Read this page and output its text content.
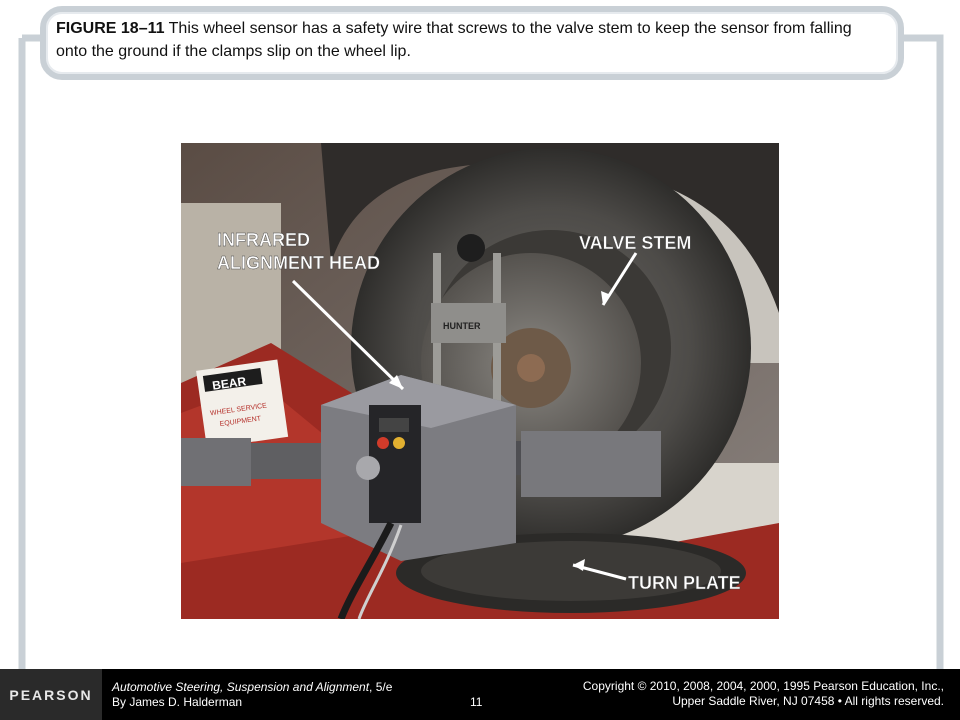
FIGURE 18–11 This wheel sensor has a safety wire that screws to the valve stem to keep the sensor from falling onto the ground if the clamps slip on the wheel lip.
BEAR
WHEEL SERVICE
EQUIPMENT
HUNTER
INFRARED
ALIGNMENT HEAD
VALVE STEM
TURN PLATE
PEARSON	Automotive Steering, Suspension and Alignment, 5/e
By James D. Halderman	11
Copyright © 2010, 2008, 2004, 2000, 1995 Pearson Education, Inc.,
Upper Saddle River, NJ 07458 • All rights reserved.
